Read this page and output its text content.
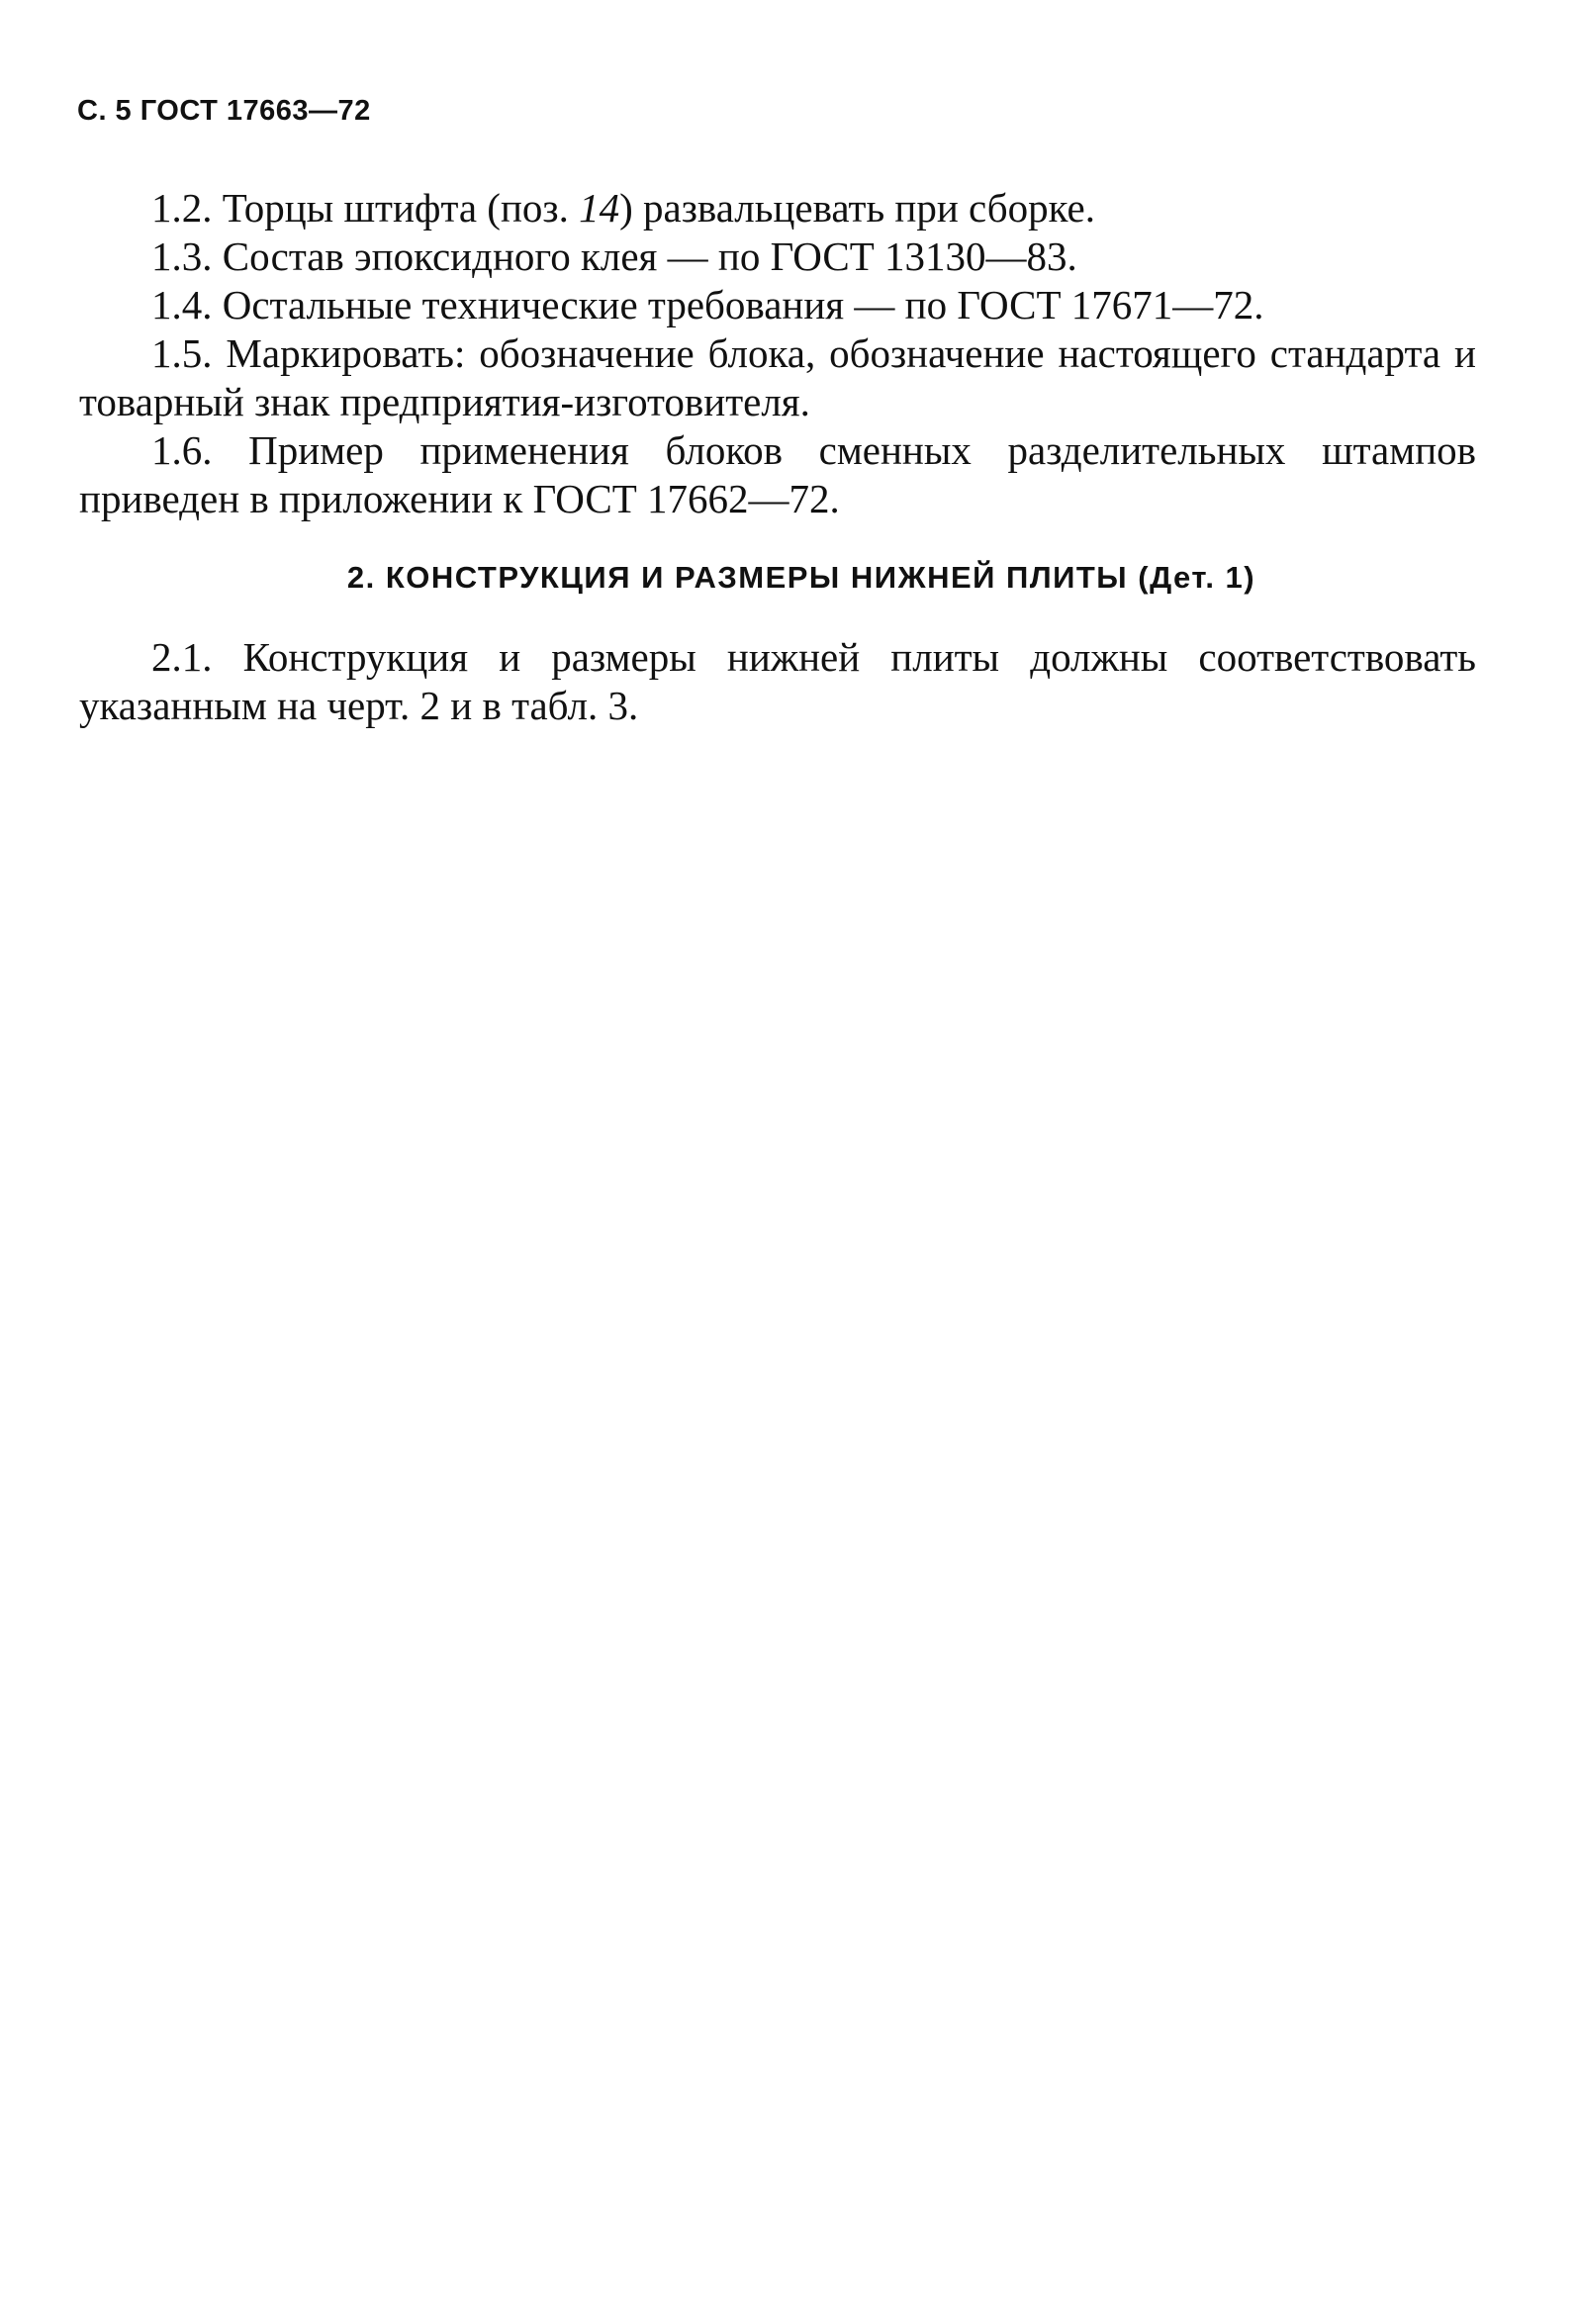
С. 5 ГОСТ 17663—72

1.2. Торцы штифта (поз. 14) развальцевать при сборке.

1.3. Состав эпоксидного клея — по ГОСТ 13130—83.

1.4. Остальные технические требования — по ГОСТ 17671—72.

1.5. Маркировать: обозначение блока, обозначение настоящего стандарта и товарный знак предприятия-изготовителя.

1.6. Пример применения блоков сменных разделительных штампов приведен в приложении к ГОСТ 17662—72.

2. КОНСТРУКЦИЯ И РАЗМЕРЫ НИЖНЕЙ ПЛИТЫ (Дет. 1)

2.1. Конструкция и размеры нижней плиты должны соответствовать указанным на черт. 2 и в табл. 3.
